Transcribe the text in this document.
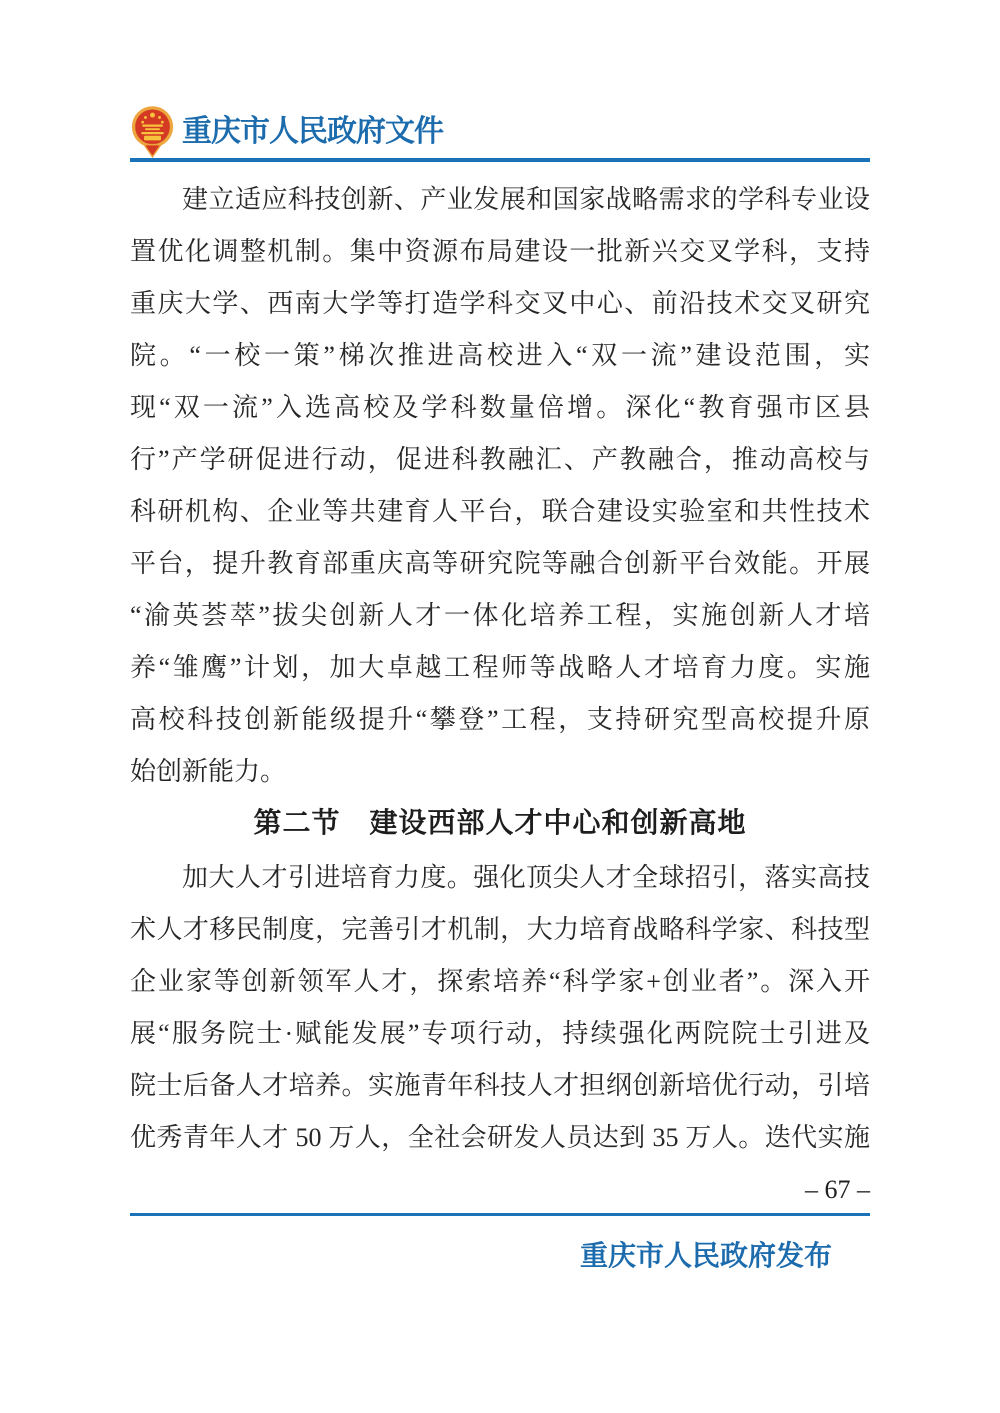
重庆市人民政府文件
建立适应科技创新、产业发展和国家战略需求的学科专业设
置优化调整机制。集中资源布局建设一批新兴交叉学科，支持
重庆大学、西南大学等打造学科交叉中心、前沿技术交叉研究
院。“一校一策”梯次推进高校进入“双一流”建设范围，实
现“双一流”入选高校及学科数量倍增。深化“教育强市区县
行”产学研促进行动，促进科教融汇、产教融合，推动高校与
科研机构、企业等共建育人平台，联合建设实验室和共性技术
平台，提升教育部重庆高等研究院等融合创新平台效能。开展
“渝英荟萃”拔尖创新人才一体化培养工程，实施创新人才培
养“雏鹰”计划，加大卓越工程师等战略人才培育力度。实施
高校科技创新能级提升“攀登”工程，支持研究型高校提升原
始创新能力。
第二节　建设西部人才中心和创新高地
加大人才引进培育力度。强化顶尖人才全球招引，落实高技
术人才移民制度，完善引才机制，大力培育战略科学家、科技型
企业家等创新领军人才，探索培养“科学家+创业者”。深入开
展“服务院士·赋能发展”专项行动，持续强化两院院士引进及
院士后备人才培养。实施青年科技人才担纲创新培优行动，引培
优秀青年人才 50 万人，全社会研发人员达到 35 万人。迭代实施
– 67 –
重庆市人民政府发布
